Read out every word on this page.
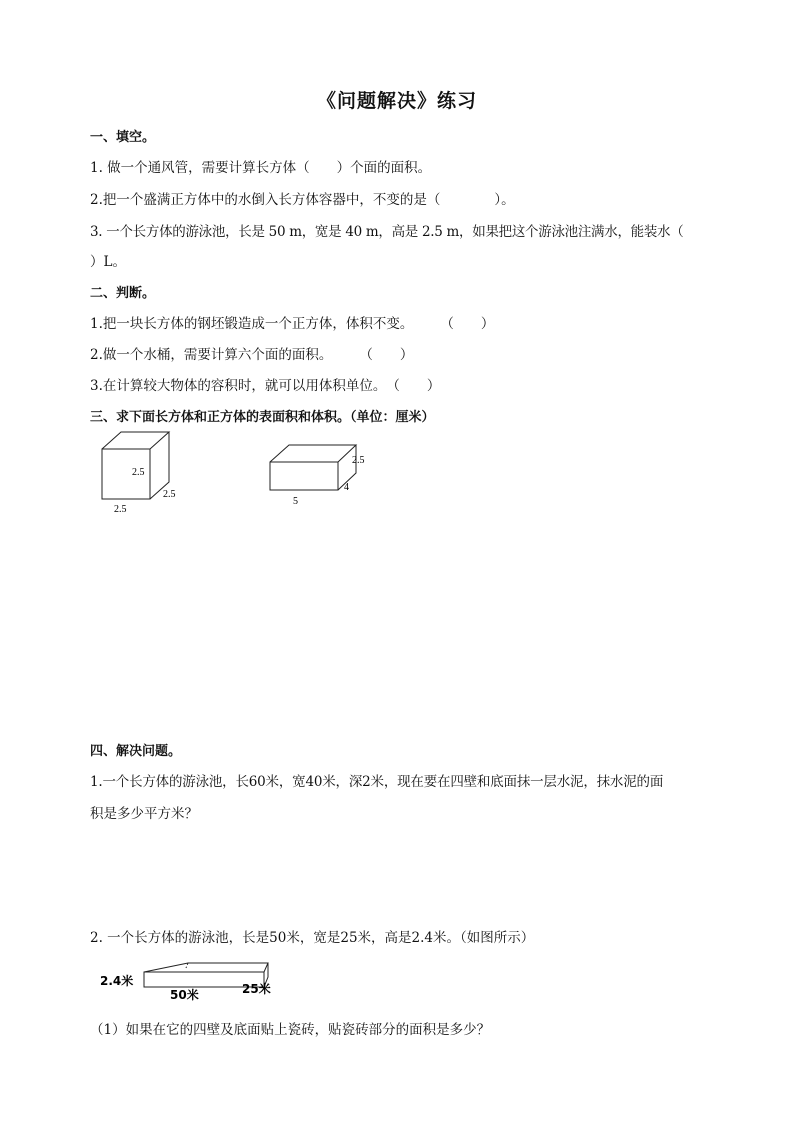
《问题解决》练习
一、填空。
1. 做一个通风管，需要计算长方体（　　）个面的面积。
2.把一个盛满正方体中的水倒入长方体容器中，不变的是（　　　　）。
3. 一个长方体的游泳池，长是 50 m，宽是 40 m，高是 2.5 m，如果把这个游泳池注满水，能装水（
）L。
二、判断。
1.把一块长方体的钢坯锻造成一个正方体，体积不变。　　　（　　）
2.做一个水桶，需要计算六个面的面积。　　　（　　）
3.在计算较大物体的容积时，就可以用体积单位。　（　　）
三、求下面长方体和正方体的表面积和体积。（单位：厘米）
2.5
2.5
2.5
2.5
4
5
四、解决问题。
1.一个长方体的游泳池，长60米，宽40米，深2米，现在要在四壁和底面抹一层水泥，抹水泥的面
积是多少平方米？
2. 一个长方体的游泳池，长是50米，宽是25米，高是2.4米。（如图所示）
2.4米
50米	25米
（1）如果在它的四壁及底面贴上瓷砖，贴瓷砖部分的面积是多少？
